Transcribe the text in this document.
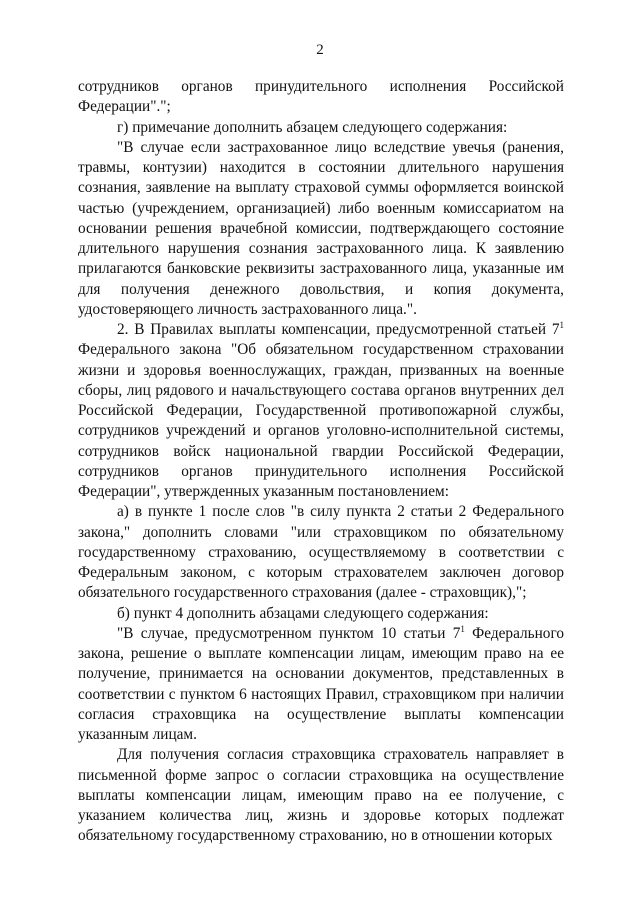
2

сотрудников органов принудительного исполнения Российской Федерации".";

г) примечание дополнить абзацем следующего содержания:

"В случае если застрахованное лицо вследствие увечья (ранения, травмы, контузии) находится в состоянии длительного нарушения сознания, заявление на выплату страховой суммы оформляется воинской частью (учреждением, организацией) либо военным комиссариатом на основании решения врачебной комиссии, подтверждающего состояние длительного нарушения сознания застрахованного лица. К заявлению прилагаются банковские реквизиты застрахованного лица, указанные им для получения денежного довольствия, и копия документа, удостоверяющего личность застрахованного лица.".

2. В Правилах выплаты компенсации, предусмотренной статьей $7^1$ Федерального закона "Об обязательном государственном страховании жизни и здоровья военнослужащих, граждан, призванных на военные сборы, лиц рядового и начальствующего состава органов внутренних дел Российской Федерации, Государственной противопожарной службы, сотрудников учреждений и органов уголовно-исполнительной системы, сотрудников войск национальной гвардии Российской Федерации, сотрудников органов принудительного исполнения Российской Федерации", утвержденных указанным постановлением:

а) в пункте 1 после слов "в силу пункта 2 статьи 2 Федерального закона," дополнить словами "или страховщиком по обязательному государственному страхованию, осуществляемому в соответствии с Федеральным законом, с которым страхователем заключен договор обязательного государственного страхования (далее - страховщик),";

б) пункт 4 дополнить абзацами следующего содержания:

"В случае, предусмотренном пунктом 10 статьи $7^1$ Федерального закона, решение о выплате компенсации лицам, имеющим право на ее получение, принимается на основании документов, представленных в соответствии с пунктом 6 настоящих Правил, страховщиком при наличии согласия страховщика на осуществление выплаты компенсации указанным лицам.

Для получения согласия страховщика страхователь направляет в письменной форме запрос о согласии страховщика на осуществление выплаты компенсации лицам, имеющим право на ее получение, с указанием количества лиц, жизнь и здоровье которых подлежат обязательному государственному страхованию, но в отношении которых
